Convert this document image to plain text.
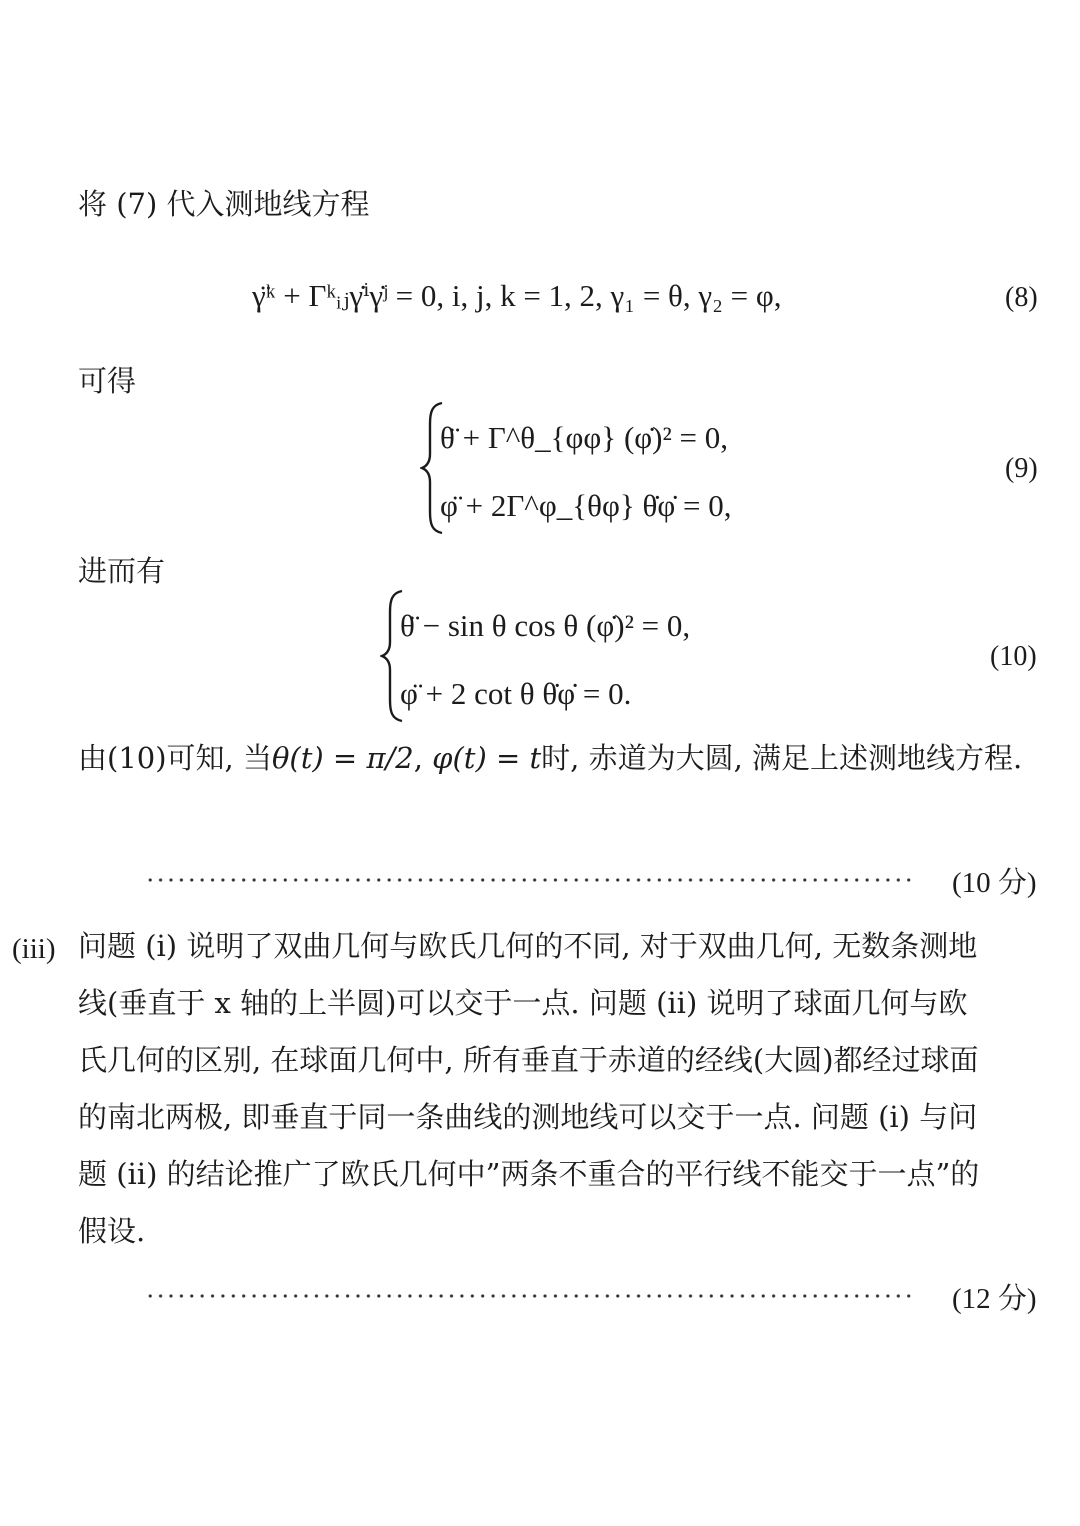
将 (7) 代入测地线方程
γ̈ᵏ + Γᵏᵢⱼγ̇ⁱγ̇ʲ = 0, i, j, k = 1, 2, γ₁ = θ, γ₂ = φ,	(8)
可得
θ̈ + Γ^θ_{φφ} (φ̇)² = 0,
φ̈ + 2Γ^φ_{θφ} θ̇φ̇ = 0,
(9)
进而有
θ̈ − sin θ cos θ (φ̇)² = 0,
φ̈ + 2 cot θ θ̇φ̇ = 0.
(10)
由(10)可知, 当θ(t) = π/2, φ(t) = t时, 赤道为大圆, 满足上述测地线方程.
(10 分)
(iii) 问题 (i) 说明了双曲几何与欧氏几何的不同, 对于双曲几何, 无数条测地
线(垂直于 x 轴的上半圆)可以交于一点. 问题 (ii) 说明了球面几何与欧
氏几何的区别, 在球面几何中, 所有垂直于赤道的经线(大圆)都经过球面
的南北两极, 即垂直于同一条曲线的测地线可以交于一点. 问题 (i) 与问
题 (ii) 的结论推广了欧氏几何中”两条不重合的平行线不能交于一点”的
假设.
(12 分)
